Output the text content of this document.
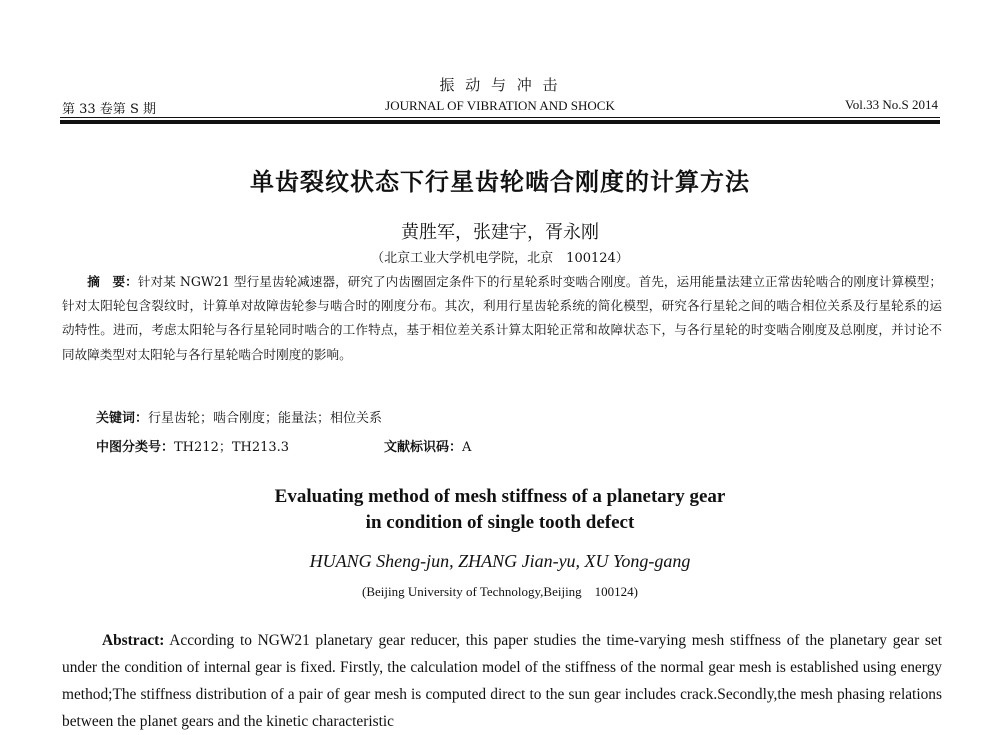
振 动 与 冲 击
第 33 卷第 S 期	JOURNAL OF VIBRATION AND SHOCK	Vol.33 No.S 2014
单齿裂纹状态下行星齿轮啮合刚度的计算方法
黄胜军，张建宇，胥永刚
（北京工业大学机电学院，北京　100124）
  摘　要：针对某 NGW21 型行星齿轮减速器，研究了内齿圈固定条件下的行星轮系时变啮合刚度。首先，运用能量法建立正常齿轮啮合的刚度计算模型；针对太阳轮包含裂纹时，计算单对故障齿轮参与啮合时的刚度分布。其次，利用行星齿轮系统的简化模型，研究各行星轮之间的啮合相位关系及行星轮系的运动特性。进而，考虑太阳轮与各行星轮同时啮合的工作特点，基于相位差关系计算太阳轮正常和故障状态下，与各行星轮的时变啮合刚度及总刚度，并讨论不同故障类型对太阳轮与各行星轮啮合时刚度的影响。
关键词：行星齿轮；啮合刚度；能量法；相位关系
中图分类号：TH212；TH213.3	文献标识码：A
Evaluating method of mesh stiffness of a planetary gear
in condition of single tooth defect
HUANG Sheng-jun, ZHANG Jian-yu, XU Yong-gang
(Beijing University of Technology,Beijing　100124)

Abstract: According to NGW21 planetary gear reducer, this paper studies the time-varying mesh stiffness of the planetary gear set under the condition of internal gear is fixed. Firstly, the calculation model of the stiffness of the normal gear mesh is established using energy method;The stiffness distribution of a pair of gear mesh is computed direct to the sun gear includes crack.Secondly,the mesh phasing relations between the planet gears and the kinetic characteristic
